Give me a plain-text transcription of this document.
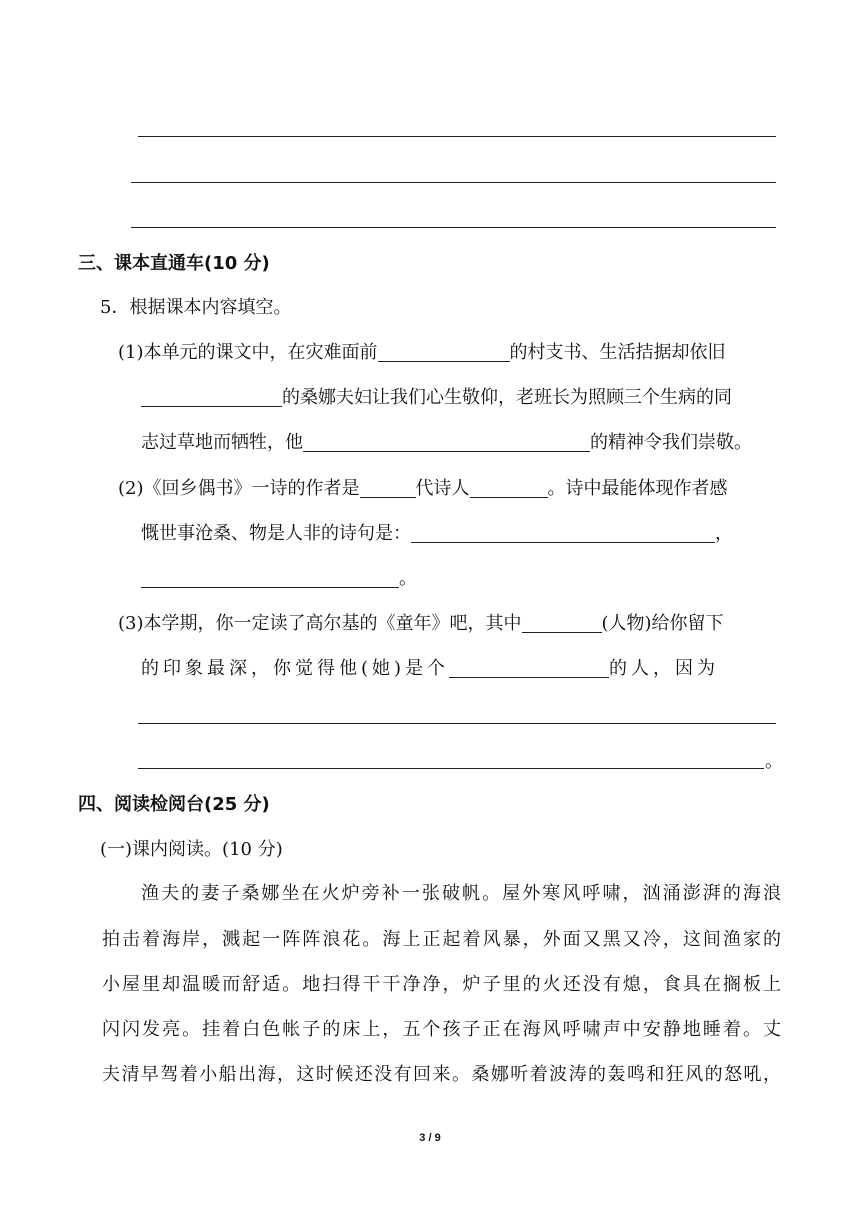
三、课本直通车(10 分)
5．根据课本内容填空。
(1)本单元的课文中，在灾难面前	的村支书、生活拮据却依旧
的桑娜夫妇让我们心生敬仰，老班长为照顾三个生病的同
志过草地而牺牲，他	的精神令我们崇敬。
(2)《回乡偶书》一诗的作者是	代诗人	。诗中最能体现作者感
慨世事沧桑、物是人非的诗句是：	，
。
(3)本学期，你一定读了高尔基的《童年》吧，其中	(人物)给你留下
的印象最深，你觉得他(她)是个	的人，因为
。
四、阅读检阅台(25 分)
(一)课内阅读。(10 分)
渔夫的妻子桑娜坐在火炉旁补一张破帆。屋外寒风呼啸，汹涌澎湃的海浪
拍击着海岸，溅起一阵阵浪花。海上正起着风暴，外面又黑又冷，这间渔家的
小屋里却温暖而舒适。地扫得干干净净，炉子里的火还没有熄，食具在搁板上
闪闪发亮。挂着白色帐子的床上，五个孩子正在海风呼啸声中安静地睡着。丈
夫清早驾着小船出海，这时候还没有回来。桑娜听着波涛的轰鸣和狂风的怒吼，
3 / 9
